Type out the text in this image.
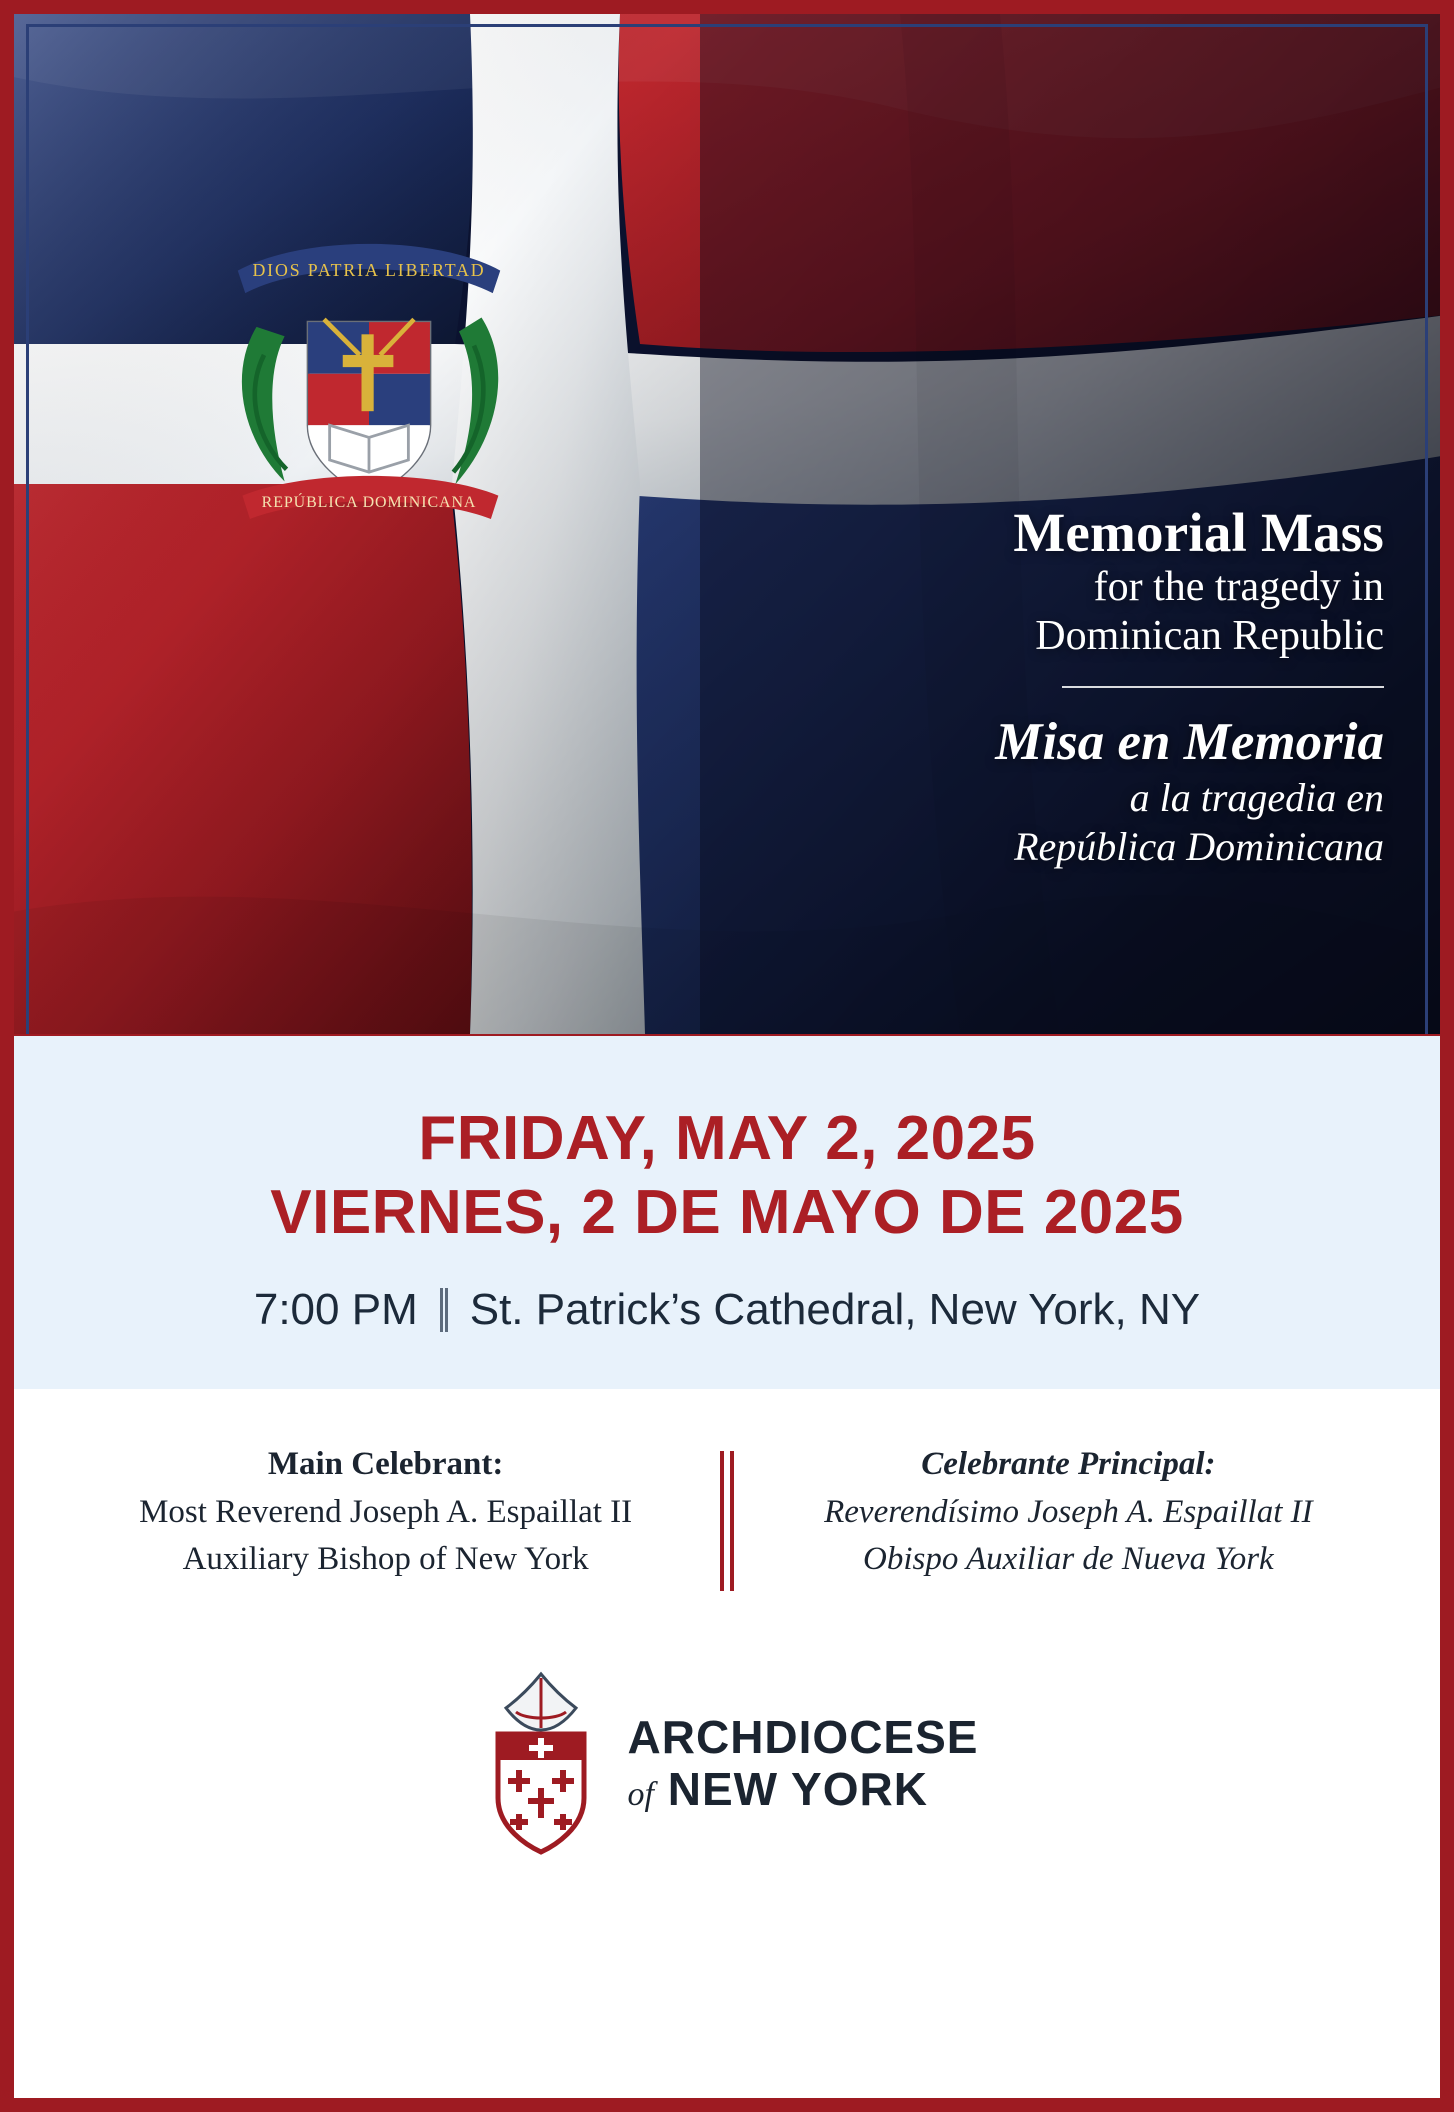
DIOS PATRIA LIBERTAD
REPÚBLICA DOMINICANA	Memorial Mass
for the tragedy in
Dominican Republic
Misa en Memoria
a la tragedia en
República Dominicana
FRIDAY, MAY 2, 2025
VIERNES, 2 DE MAYO DE 2025
7:00 PM St. Patrick’s Cathedral, New York, NY
Main Celebrant:
Most Reverend Joseph A. Espaillat II
Auxiliary Bishop of New York
Celebrante Principal:
Reverendísimo Joseph A. Espaillat II
Obispo Auxiliar de Nueva York
ARCHDIOCESE
of NEW YORK
